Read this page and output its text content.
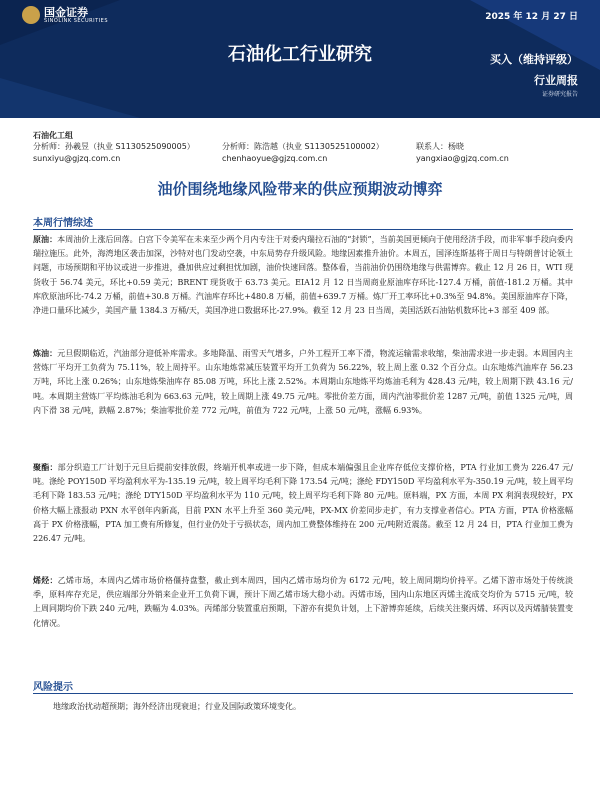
国金证券
SINOLINK SECURITIES	2025 年 12 月 27 日
石油化工行业研究	买入（维持评级）
行业周报
证券研究报告
石油化工组
分析师：孙羲昱（执业 S1130525090005）	分析师：陈浩越（执业 S1130525100002）	联系人：杨晓
sunxiyu@gjzq.com.cn	chenhaoyue@gjzq.com.cn	yangxiao@gjzq.com.cn
油价围绕地缘风险带来的供应预期波动博弈
本周行情综述
原油：本周油价上涨后回落。白宫下令美军在未来至少两个月内专注于对委内瑞拉石油的“封锁”，当前美国更倾向于使用经济手段，而非军事手段向委内瑞拉施压。此外，海湾地区袭击加深，沙特对也门发动空袭，中东局势存升级风险。地缘因素推升油价。本周五，国泽连斯基将于周日与特朗普讨论领土问题，市场预期和平协议或进一步推进，叠加供应过剩担忧加剧，油价快速回落。整体看，当前油价仍围绕地缘与供需博弈。截止 12 月 26 日，WTI 现货收于 56.74 美元，环比+0.59 美元；BRENT 现货收于 63.73 美元。EIA12 月 12 日当周商业原油库存环比-127.4 万桶，前值-181.2 万桶。其中库欣原油环比-74.2 万桶，前值+30.8 万桶。汽油库存环比+480.8 万桶，前值+639.7 万桶。炼厂开工率环比+0.3%至 94.8%。美国原油库存下降，净进口量环比减少，美国产量 1384.3 万桶/天，美国净进口数据环比-27.9%。截至 12 月 23 日当周，美国活跃石油钻机数环比+3 部至 409 部。
炼油：元旦假期临近，汽油部分迎低补库需求。多地降温、雨雪天气增多，户外工程开工率下滑，物流运输需求收缩，柴油需求进一步走弱。本周国内主营炼厂平均开工负荷为 75.11%，较上周持平。山东地炼常减压装置平均开工负荷为 56.22%，较上周上涨 0.32 个百分点。山东地炼汽油库存 56.23 万吨，环比上涨 0.26%；山东地炼柴油库存 85.08 万吨，环比上涨 2.52%。本周期山东地炼平均炼油毛利为 428.43 元/吨，较上周期下跌 43.16 元/吨。本周期主营炼厂平均炼油毛利为 663.63 元/吨，较上周期上涨 49.75 元/吨。零批价差方面，周内汽油零批价差 1287 元/吨，前值 1325 元/吨，周内下滑 38 元/吨，跌幅 2.87%；柴油零批价差 772 元/吨，前值为 722 元/吨，上涨 50 元/吨，涨幅 6.93%。
聚酯：部分织造工厂计划于元旦后提前安排放假，终端开机率或进一步下降，但成本端偏强且企业库存低位支撑价格，PTA 行业加工费为 226.47 元/吨。涤纶 POY150D 平均盈利水平为-135.19 元/吨，较上周平均毛利下降 173.54 元/吨；涤纶 FDY150D 平均盈利水平为-350.19 元/吨，较上周平均毛利下降 183.53 元/吨；涤纶 DTY150D 平均盈利水平为 110 元/吨，较上周平均毛利下降 80 元/吨。原料端，PX 方面，本周 PX 利润表现较好，PX 价格大幅上涨报动 PXN 水平创年内新高，目前 PXN 水平上升至 360 美元/吨，PX-MX 价差同步走扩，有力支撑业者信心。PTA 方面，PTA 价格涨幅高于 PX 价格涨幅，PTA 加工费有所修复，但行业仍处于亏损状态，周内加工费整体维持在 200 元/吨附近震荡。截至 12 月 24 日，PTA 行业加工费为 226.47 元/吨。
烯烃：乙烯市场，本周内乙烯市场价格僵持盘整，截止到本周四，国内乙烯市场均价为 6172 元/吨，较上周同期均价持平。乙烯下游市场处于传统淡季，原料库存充足，供应端部分外销来企业开工负荷下调，预计下周乙烯市场大稳小动。丙烯市场，国内山东地区丙烯主流成交均价为 5715 元/吨，较上周同期均价下跌 240 元/吨，跌幅为 4.03%。丙烯部分装置重启预期，下游亦有提负计划，上下游博弈延续，后续关注聚丙烯、环丙以及丙烯腈装置变化情况。
风险提示
地缘政治扰动超预期；海外经济出现衰退；行业及国际政策环境变化。
